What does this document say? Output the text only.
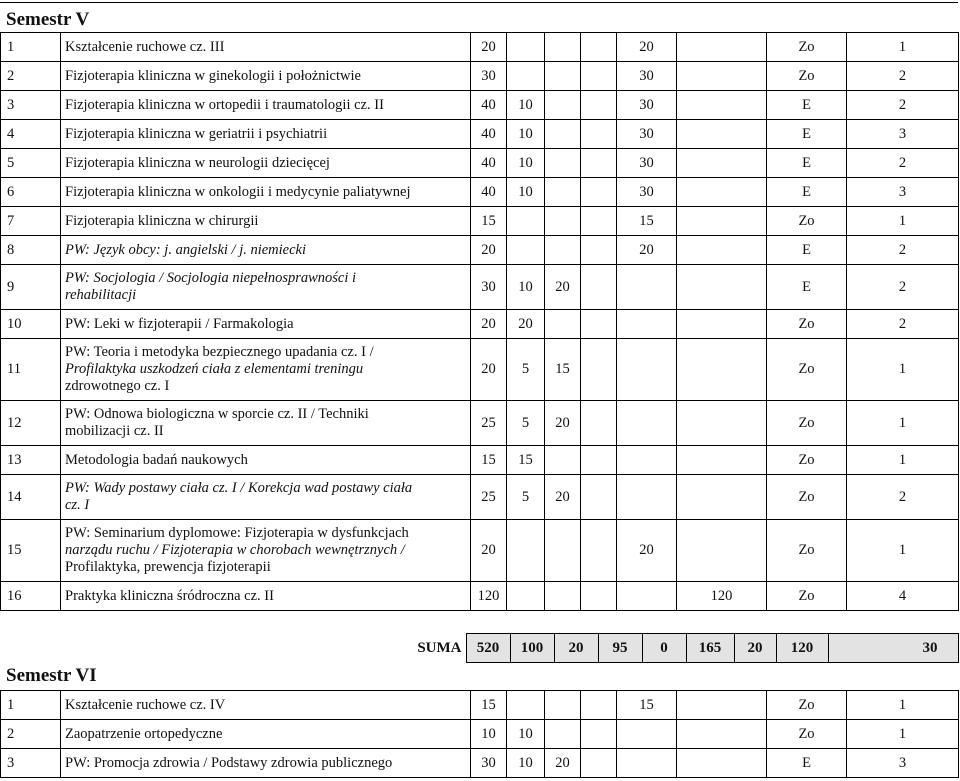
Semestr V
1	Kształcenie ruchowe cz. III	20				20		Zo	1
2	Fizjoterapia kliniczna w ginekologii i położnictwie	30				30		Zo	2
3	Fizjoterapia kliniczna w ortopedii i traumatologii cz. II	40	10			30		E	2
4	Fizjoterapia kliniczna w geriatrii i psychiatrii	40	10			30		E	3
5	Fizjoterapia kliniczna w neurologii dziecięcej	40	10			30		E	2
6	Fizjoterapia kliniczna w onkologii i medycynie paliatywnej	40	10			30		E	3
7	Fizjoterapia kliniczna w chirurgii	15				15		Zo	1
8	PW: Język obcy: j. angielski / j. niemiecki	20				20		E	2
9	PW: Socjologia / Socjologia niepełnosprawności i rehabilitacji	30	10	20				E	2
10	PW: Leki w fizjoterapii / Farmakologia	20	20					Zo	2
11	PW: Teoria i metodyka bezpiecznego upadania cz. I /
Profilaktyka uszkodzeń ciała z elementami treningu
zdrowotnego cz. I	20	5	15				Zo	1
12	PW: Odnowa biologiczna w sporcie cz. II / Techniki mobilizacji cz. II	25	5	20				Zo	1
13	Metodologia badań naukowych	15	15					Zo	1
14	PW: Wady postawy ciała cz. I / Korekcja wad postawy ciała cz. I	25	5	20				Zo	2
15	PW: Seminarium dyplomowe: Fizjoterapia w dysfunkcjach
narządu ruchu / Fizjoterapia w chorobach wewnętrznych /
Profilaktyka, prewencja fizjoterapii	20				20		Zo	1
16	Praktyka kliniczna śródroczna cz. II	120					120	Zo	4
SUMA	520	100	20	95	0	165	20	120	30
Semestr VI
1	Kształcenie ruchowe cz. IV	15				15		Zo	1
2	Zaopatrzenie ortopedyczne	10	10					Zo	1
3	PW: Promocja zdrowia / Podstawy zdrowia publicznego	30	10	20				E	3
